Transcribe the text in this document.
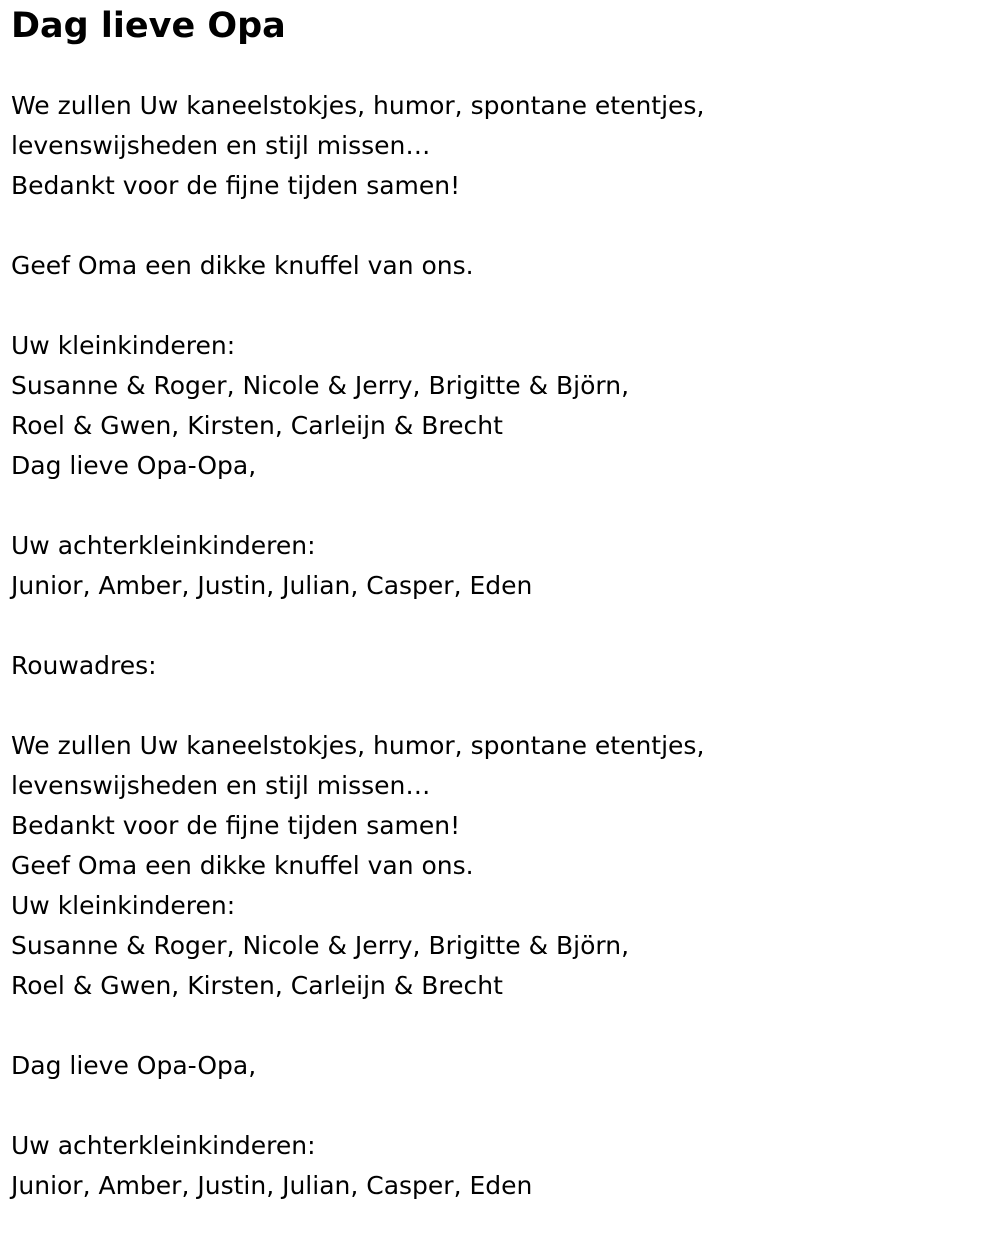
Dag lieve Opa
We zullen Uw kaneelstokjes, humor, spontane etentjes,
levenswijsheden en stijl missen…
Bedankt voor de fijne tijden samen!
Geef Oma een dikke knuffel van ons.
Uw kleinkinderen:
Susanne & Roger, Nicole & Jerry, Brigitte & Björn,
Roel & Gwen, Kirsten, Carleijn & Brecht
Dag lieve Opa-Opa,
Uw achterkleinkinderen:
Junior, Amber, Justin, Julian, Casper, Eden
Rouwadres:
We zullen Uw kaneelstokjes, humor, spontane etentjes,
levenswijsheden en stijl missen…
Bedankt voor de fijne tijden samen!
Geef Oma een dikke knuffel van ons.
Uw kleinkinderen:
Susanne & Roger, Nicole & Jerry, Brigitte & Björn,
Roel & Gwen, Kirsten, Carleijn & Brecht
Dag lieve Opa-Opa,
Uw achterkleinkinderen:
Junior, Amber, Justin, Julian, Casper, Eden
